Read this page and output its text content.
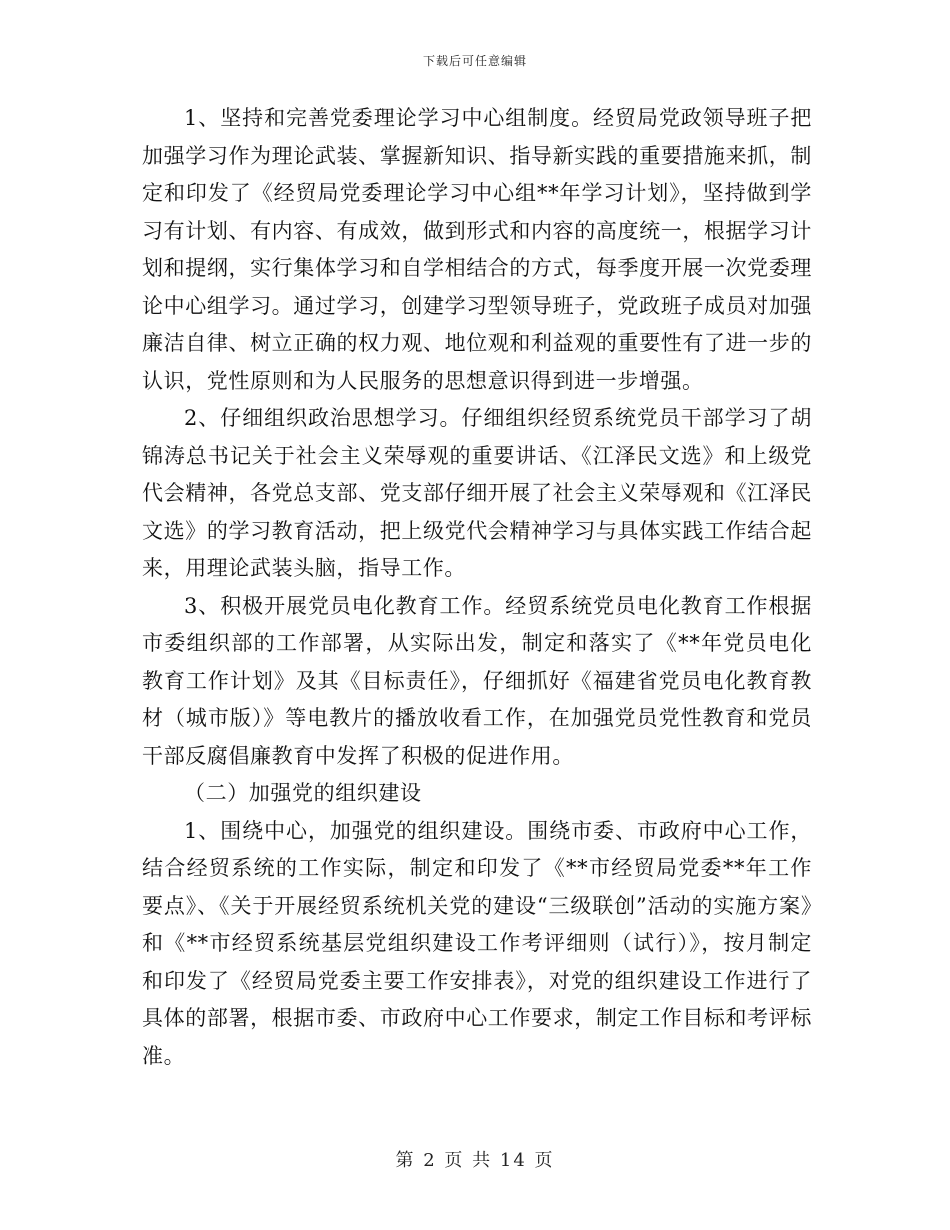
下载后可任意编辑

1、坚持和完善党委理论学习中心组制度。经贸局党政领导班子把加强学习作为理论武装、掌握新知识、指导新实践的重要措施来抓，制定和印发了《经贸局党委理论学习中心组**年学习计划》，坚持做到学习有计划、有内容、有成效，做到形式和内容的高度统一，根据学习计划和提纲，实行集体学习和自学相结合的方式，每季度开展一次党委理论中心组学习。通过学习，创建学习型领导班子，党政班子成员对加强廉洁自律、树立正确的权力观、地位观和利益观的重要性有了进一步的认识，党性原则和为人民服务的思想意识得到进一步增强。

2、仔细组织政治思想学习。仔细组织经贸系统党员干部学习了胡锦涛总书记关于社会主义荣辱观的重要讲话、《江泽民文选》和上级党代会精神，各党总支部、党支部仔细开展了社会主义荣辱观和《江泽民文选》的学习教育活动，把上级党代会精神学习与具体实践工作结合起来，用理论武装头脑，指导工作。

3、积极开展党员电化教育工作。经贸系统党员电化教育工作根据市委组织部的工作部署，从实际出发，制定和落实了《**年党员电化教育工作计划》及其《目标责任》，仔细抓好《福建省党员电化教育教材（城市版）》等电教片的播放收看工作，在加强党员党性教育和党员干部反腐倡廉教育中发挥了积极的促进作用。

（二）加强党的组织建设

1、围绕中心，加强党的组织建设。围绕市委、市政府中心工作，结合经贸系统的工作实际，制定和印发了《**市经贸局党委**年工作要点》、《关于开展经贸系统机关党的建设“三级联创”活动的实施方案》和《**市经贸系统基层党组织建设工作考评细则（试行）》，按月制定和印发了《经贸局党委主要工作安排表》，对党的组织建设工作进行了具体的部署，根据市委、市政府中心工作要求，制定工作目标和考评标准。

第 2 页 共 14 页
